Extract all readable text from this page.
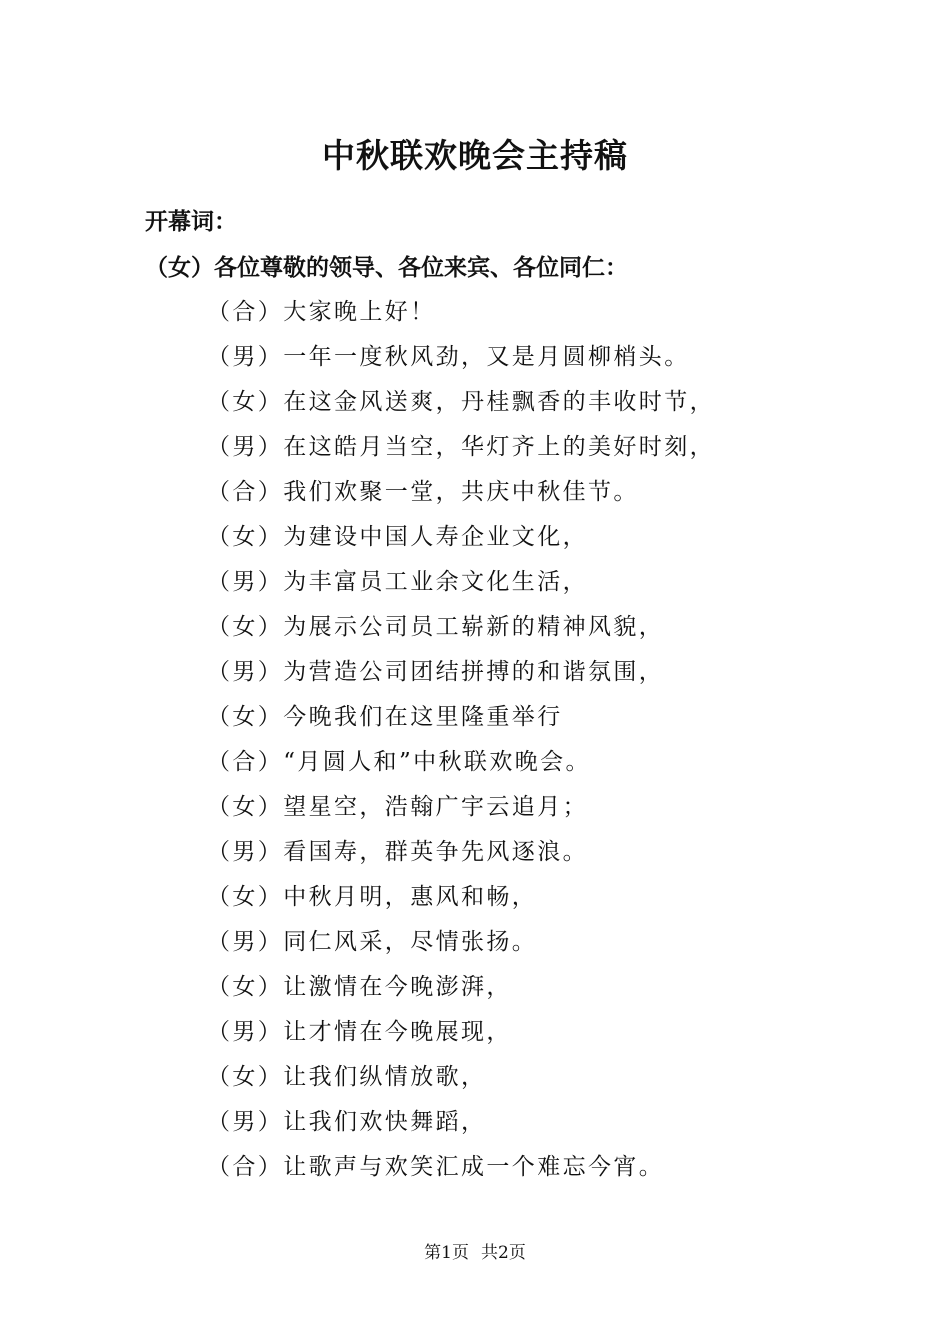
中秋联欢晚会主持稿
开幕词：
（女）各位尊敬的领导、各位来宾、各位同仁：
（合）大家晚上好！
（男）一年一度秋风劲，又是月圆柳梢头。
（女）在这金风送爽，丹桂飘香的丰收时节，
（男）在这皓月当空，华灯齐上的美好时刻，
（合）我们欢聚一堂，共庆中秋佳节。
（女）为建设中国人寿企业文化，
（男）为丰富员工业余文化生活，
（女）为展示公司员工崭新的精神风貌，
（男）为营造公司团结拼搏的和谐氛围，
（女）今晚我们在这里隆重举行
（合）“月圆人和”中秋联欢晚会。
（女）望星空，浩翰广宇云追月；
（男）看国寿，群英争先风逐浪。
（女）中秋月明，惠风和畅，
（男）同仁风采，尽情张扬。
（女）让激情在今晚澎湃，
（男）让才情在今晚展现，
（女）让我们纵情放歌，
（男）让我们欢快舞蹈，
（合）让歌声与欢笑汇成一个难忘今宵。
第1页 共2页
